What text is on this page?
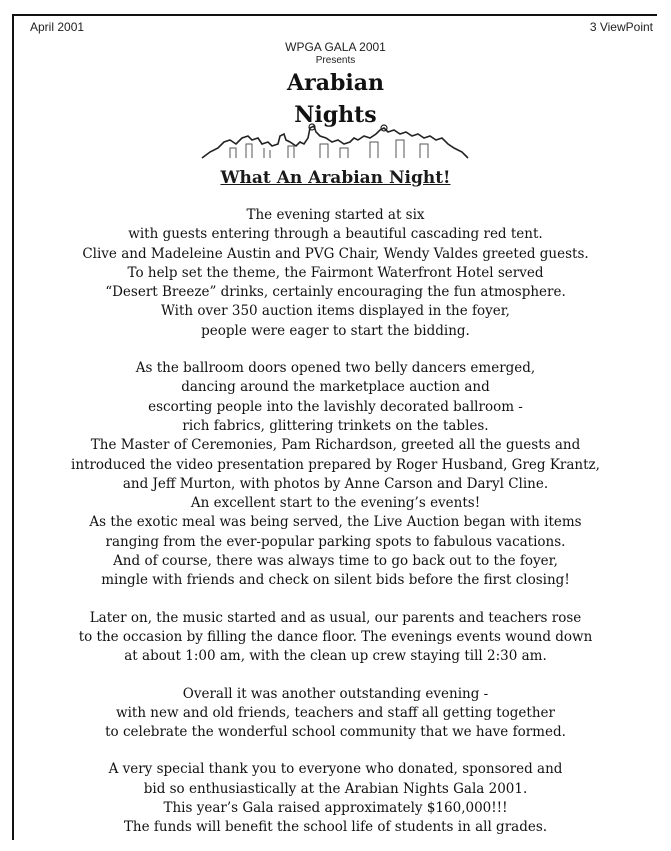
April 2001	3 ViewPoint
WPGA GALA 2001
Presents
Arabian
Nights
What An Arabian Night!
The evening started at six
with guests entering through a beautiful cascading red tent.
Clive and Madeleine Austin and PVG Chair, Wendy Valdes greeted guests.
To help set the theme, the Fairmont Waterfront Hotel served
“Desert Breeze” drinks, certainly encouraging the fun atmosphere.
With over 350 auction items displayed in the foyer,
people were eager to start the bidding.
As the ballroom doors opened two belly dancers emerged,
dancing around the marketplace auction and
escorting people into the lavishly decorated ballroom -
rich fabrics, glittering trinkets on the tables.
The Master of Ceremonies, Pam Richardson, greeted all the guests and
introduced the video presentation prepared by Roger Husband, Greg Krantz,
and Jeff Murton, with photos by Anne Carson and Daryl Cline.
An excellent start to the evening’s events!
As the exotic meal was being served, the Live Auction began with items
ranging from the ever-popular parking spots to fabulous vacations.
And of course, there was always time to go back out to the foyer,
mingle with friends and check on silent bids before the first closing!
Later on, the music started and as usual, our parents and teachers rose
to the occasion by filling the dance floor. The evenings events wound down
at about 1:00 am, with the clean up crew staying till 2:30 am.
Overall it was another outstanding evening -
with new and old friends, teachers and staff all getting together
to celebrate the wonderful school community that we have formed.
A very special thank you to everyone who donated, sponsored and
bid so enthusiastically at the Arabian Nights Gala 2001.
This year’s Gala raised approximately $160,000!!!
The funds will benefit the school life of students in all grades.
